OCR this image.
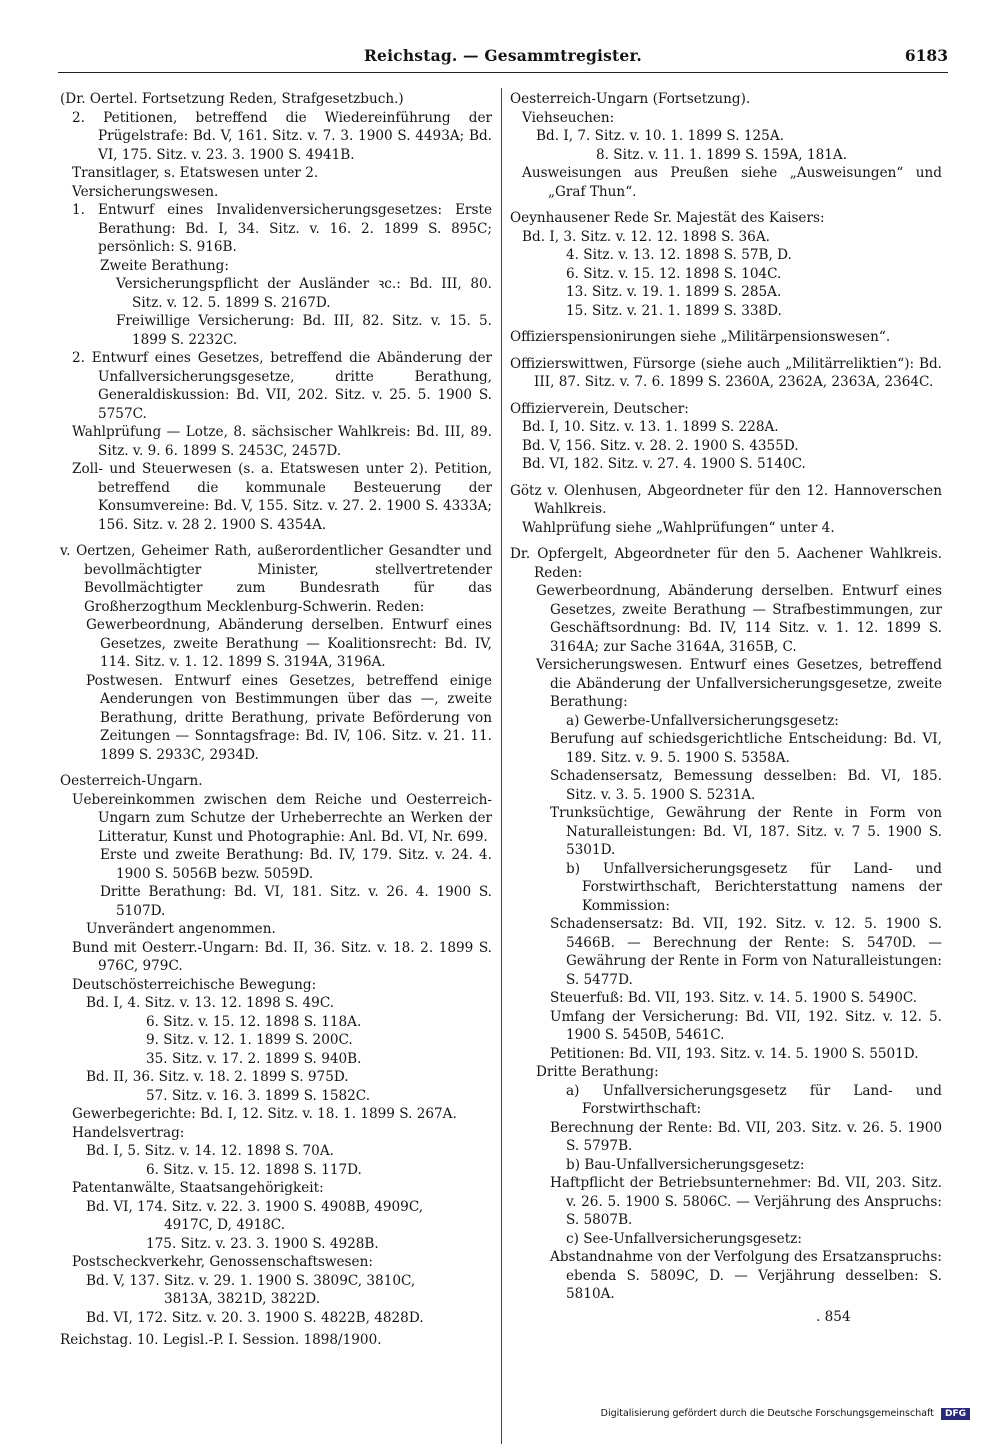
Reichstag. — Gesammtregister.	6183

(Dr. Oertel. Fortsetzung Reden, Strafgesetzbuch.)

2. Petitionen, betreffend die Wiedereinführung der Prügelstrafe: Bd. V, 161. Sitz. v. 7. 3. 1900 S. 4493A; Bd. VI, 175. Sitz. v. 23. 3. 1900 S. 4941B.

Transitlager, s. Etatswesen unter 2.

Versicherungswesen.

1. Entwurf eines Invalidenversicherungsgesetzes: Erste Berathung: Bd. I, 34. Sitz. v. 16. 2. 1899 S. 895C; persönlich: S. 916B.

Zweite Berathung:

Versicherungspflicht der Ausländer ꝛc.: Bd. III, 80. Sitz. v. 12. 5. 1899 S. 2167D.

Freiwillige Versicherung: Bd. III, 82. Sitz. v. 15. 5. 1899 S. 2232C.

2. Entwurf eines Gesetzes, betreffend die Abänderung der Unfallversicherungsgesetze, dritte Berathung, Generaldiskussion: Bd. VII, 202. Sitz. v. 25. 5. 1900 S. 5757C.

Wahlprüfung — Lotze, 8. sächsischer Wahlkreis: Bd. III, 89. Sitz. v. 9. 6. 1899 S. 2453C, 2457D.

Zoll- und Steuerwesen (s. a. Etatswesen unter 2). Petition, betreffend die kommunale Besteuerung der Konsumvereine: Bd. V, 155. Sitz. v. 27. 2. 1900 S. 4333A; 156. Sitz. v. 28 2. 1900 S. 4354A.

v. Oertzen, Geheimer Rath, außerordentlicher Gesandter und bevollmächtigter Minister, stellvertretender Bevollmächtigter zum Bundesrath für das Großherzogthum Mecklenburg-Schwerin. Reden:

Gewerbeordnung, Abänderung derselben. Entwurf eines Gesetzes, zweite Berathung — Koalitionsrecht: Bd. IV, 114. Sitz. v. 1. 12. 1899 S. 3194A, 3196A.

Postwesen. Entwurf eines Gesetzes, betreffend einige Aenderungen von Bestimmungen über das —, zweite Berathung, dritte Berathung, private Beförderung von Zeitungen — Sonntagsfrage: Bd. IV, 106. Sitz. v. 21. 11. 1899 S. 2933C, 2934D.

Oesterreich-Ungarn.

Uebereinkommen zwischen dem Reiche und Oesterreich-Ungarn zum Schutze der Urheberrechte an Werken der Litteratur, Kunst und Photographie: Anl. Bd. VI, Nr. 699.

Erste und zweite Berathung: Bd. IV, 179. Sitz. v. 24. 4. 1900 S. 5056B bezw. 5059D.

Dritte Berathung: Bd. VI, 181. Sitz. v. 26. 4. 1900 S. 5107D.

Unverändert angenommen.

Bund mit Oesterr.-Ungarn: Bd. II, 36. Sitz. v. 18. 2. 1899 S. 976C, 979C.

Deutschösterreichische Bewegung:

Bd. I, 4. Sitz. v. 13. 12. 1898 S. 49C.

6. Sitz. v. 15. 12. 1898 S. 118A.

9. Sitz. v. 12. 1. 1899 S. 200C.

35. Sitz. v. 17. 2. 1899 S. 940B.

Bd. II, 36. Sitz. v. 18. 2. 1899 S. 975D.

57. Sitz. v. 16. 3. 1899 S. 1582C.

Gewerbegerichte: Bd. I, 12. Sitz. v. 18. 1. 1899 S. 267A.

Handelsvertrag:

Bd. I, 5. Sitz. v. 14. 12. 1898 S. 70A.

6. Sitz. v. 15. 12. 1898 S. 117D.

Patentanwälte, Staatsangehörigkeit:

Bd. VI, 174. Sitz. v. 22. 3. 1900 S. 4908B, 4909C,

4917C, D, 4918C.

175. Sitz. v. 23. 3. 1900 S. 4928B.

Postscheckverkehr, Genossenschaftswesen:

Bd. V, 137. Sitz. v. 29. 1. 1900 S. 3809C, 3810C,

3813A, 3821D, 3822D.

Bd. VI, 172. Sitz. v. 20. 3. 1900 S. 4822B, 4828D.

Reichstag. 10. Legisl.-P. I. Session. 1898/1900.

Oesterreich-Ungarn (Fortsetzung).

Viehseuchen:

Bd. I, 7. Sitz. v. 10. 1. 1899 S. 125A.

8. Sitz. v. 11. 1. 1899 S. 159A, 181A.

Ausweisungen aus Preußen siehe „Ausweisungen“ und „Graf Thun“.

Oeynhausener Rede Sr. Majestät des Kaisers:

Bd. I, 3. Sitz. v. 12. 12. 1898 S. 36A.

4. Sitz. v. 13. 12. 1898 S. 57B, D.

6. Sitz. v. 15. 12. 1898 S. 104C.

13. Sitz. v. 19. 1. 1899 S. 285A.

15. Sitz. v. 21. 1. 1899 S. 338D.

Offizierspensionirungen siehe „Militärpensionswesen“.

Offizierswittwen, Fürsorge (siehe auch „Militärreliktien“): Bd. III, 87. Sitz. v. 7. 6. 1899 S. 2360A, 2362A, 2363A, 2364C.

Offizierverein, Deutscher:

Bd. I, 10. Sitz. v. 13. 1. 1899 S. 228A.

Bd. V, 156. Sitz. v. 28. 2. 1900 S. 4355D.

Bd. VI, 182. Sitz. v. 27. 4. 1900 S. 5140C.

Götz v. Olenhusen, Abgeordneter für den 12. Hannoverschen Wahlkreis.

Wahlprüfung siehe „Wahlprüfungen“ unter 4.

Dr. Opfergelt, Abgeordneter für den 5. Aachener Wahlkreis. Reden:

Gewerbeordnung, Abänderung derselben. Entwurf eines Gesetzes, zweite Berathung — Strafbestimmungen, zur Geschäftsordnung: Bd. IV, 114 Sitz. v. 1. 12. 1899 S. 3164A; zur Sache 3164A, 3165B, C.

Versicherungswesen. Entwurf eines Gesetzes, betreffend die Abänderung der Unfallversicherungsgesetze, zweite Berathung:

a) Gewerbe-Unfallversicherungsgesetz:

Berufung auf schiedsgerichtliche Entscheidung: Bd. VI, 189. Sitz. v. 9. 5. 1900 S. 5358A.

Schadensersatz, Bemessung desselben: Bd. VI, 185. Sitz. v. 3. 5. 1900 S. 5231A.

Trunksüchtige, Gewährung der Rente in Form von Naturalleistungen: Bd. VI, 187. Sitz. v. 7 5. 1900 S. 5301D.

b) Unfallversicherungsgesetz für Land- und Forstwirthschaft, Berichterstattung namens der Kommission:

Schadensersatz: Bd. VII, 192. Sitz. v. 12. 5. 1900 S. 5466B. — Berechnung der Rente: S. 5470D. — Gewährung der Rente in Form von Naturalleistungen: S. 5477D.

Steuerfuß: Bd. VII, 193. Sitz. v. 14. 5. 1900 S. 5490C.

Umfang der Versicherung: Bd. VII, 192. Sitz. v. 12. 5. 1900 S. 5450B, 5461C.

Petitionen: Bd. VII, 193. Sitz. v. 14. 5. 1900 S. 5501D.

Dritte Berathung:

a) Unfallversicherungsgesetz für Land- und Forstwirthschaft:

Berechnung der Rente: Bd. VII, 203. Sitz. v. 26. 5. 1900 S. 5797B.

b) Bau-Unfallversicherungsgesetz:

Haftpflicht der Betriebsunternehmer: Bd. VII, 203. Sitz. v. 26. 5. 1900 S. 5806C. — Verjährung des Anspruchs: S. 5807B.

c) See-Unfallversicherungsgesetz:

Abstandnahme von der Verfolgung des Ersatzanspruchs: ebenda S. 5809C, D. — Verjährung desselben: S. 5810A.

. 854

Digitalisierung gefördert durch die Deutsche Forschungsgemeinschaft DFG
